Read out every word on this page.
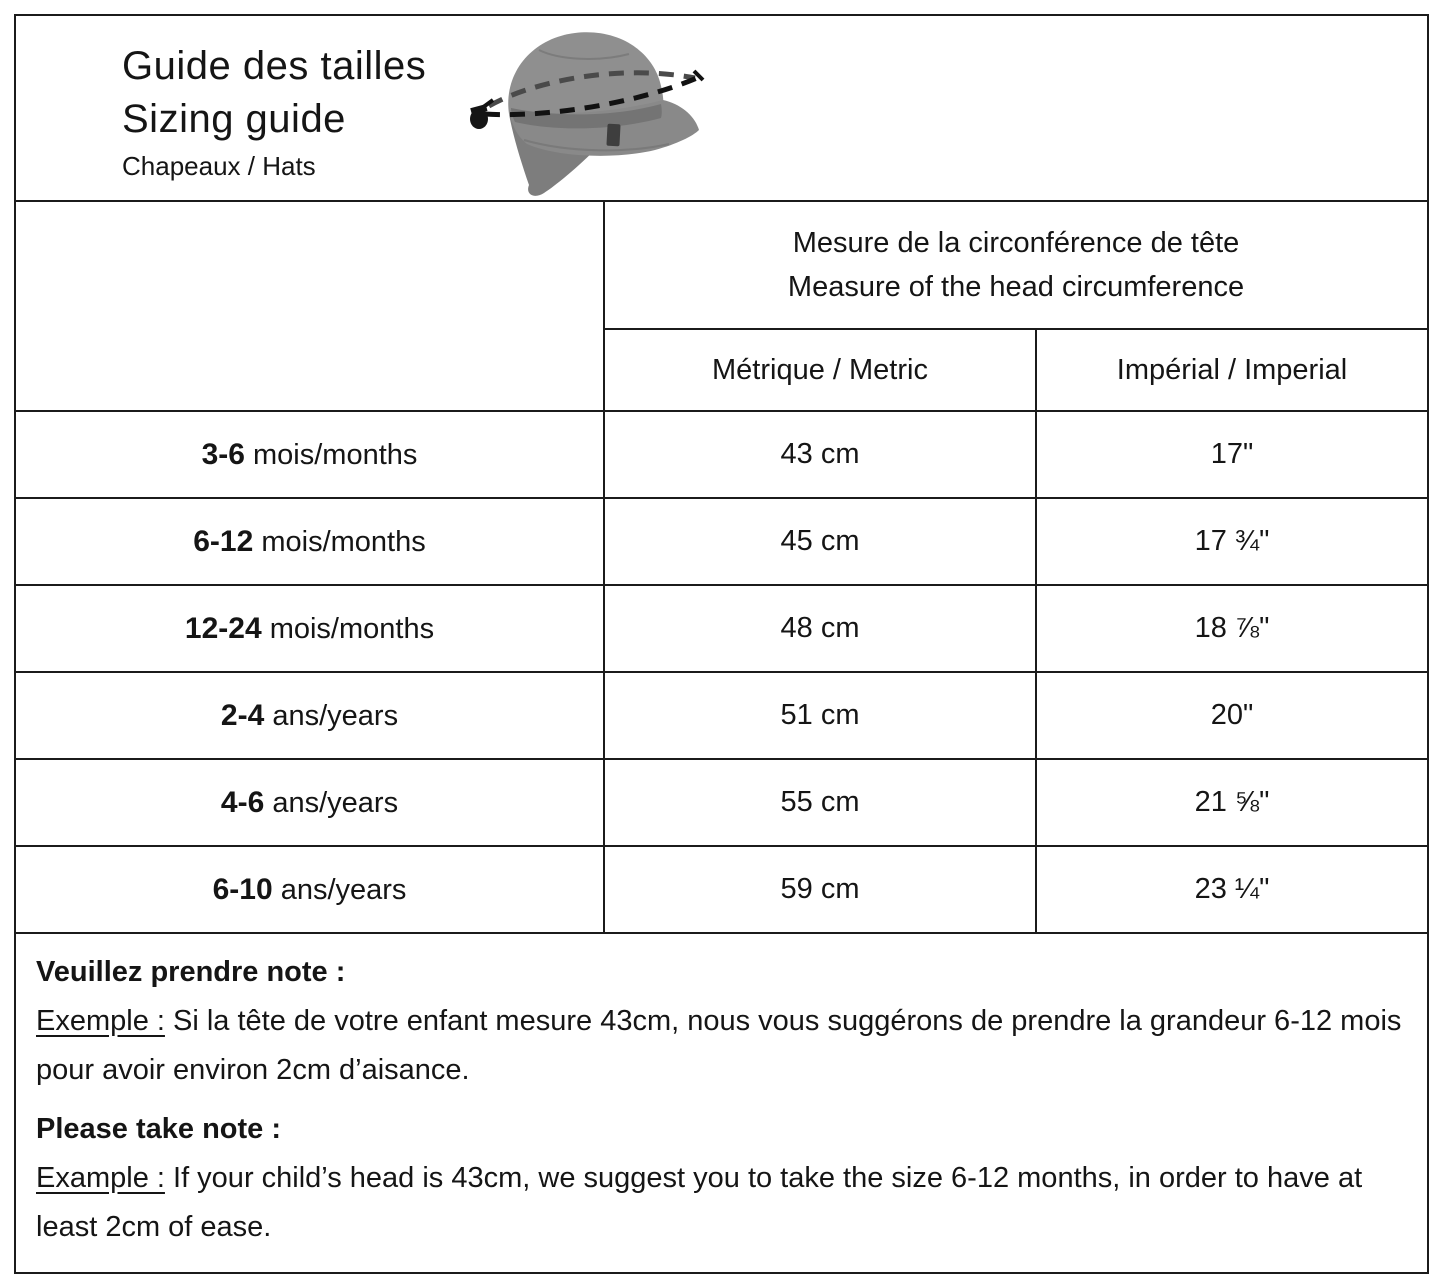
Guide des tailles
Sizing guide
Chapeaux / Hats

	Mesure de la circonférence de tête
Measure of the head circumference	

	Métrique / Metric	Impérial / Imperial
3-6 mois/months	43 cm	17"
6-12 mois/months	45 cm	17 ¾"
12-24 mois/months	48 cm	18 ⅞"
2-4 ans/years	51 cm	20"
4-6 ans/years	55 cm	21 ⅝"
6-10 ans/years	59 cm	23 ¼"

Veuillez prendre note :

Exemple : Si la tête de votre enfant mesure 43cm, nous vous suggérons de prendre la grandeur 6-12 mois pour avoir environ 2cm d’aisance.

Please take note :

Example : If your child’s head is 43cm, we suggest you to take the size 6-12 months, in order to have at least 2cm of ease.
